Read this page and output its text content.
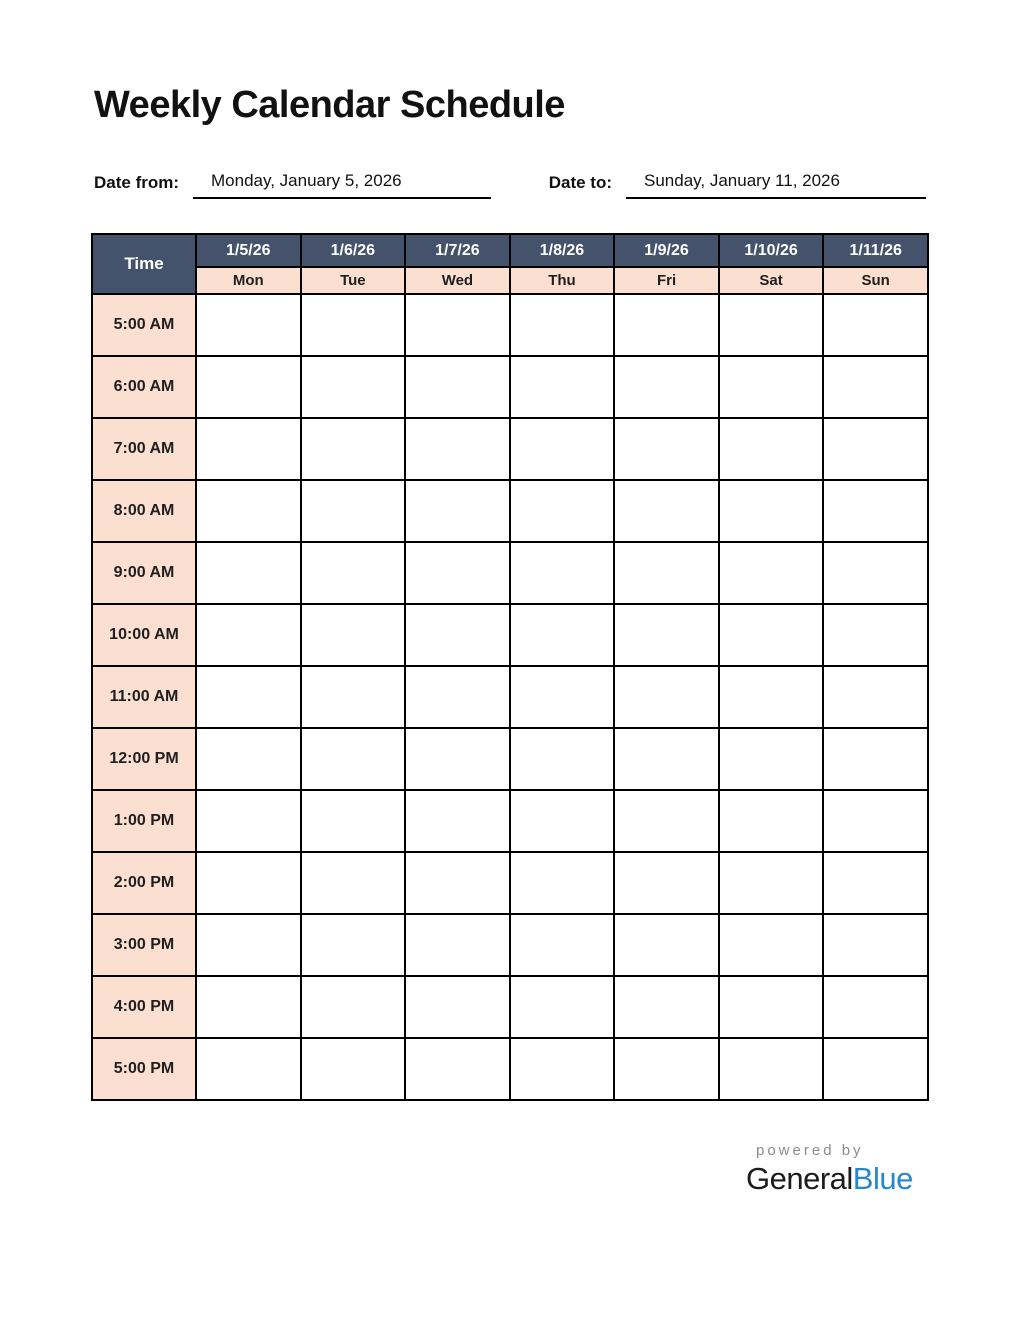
Weekly Calendar Schedule
Date from:	Monday, January 5, 2026	Date to:	Sunday, January 11, 2026
Time	1/5/26	1/6/26	1/7/26	1/8/26	1/9/26	1/10/26	1/11/26
	Mon	Tue	Wed	Thu	Fri	Sat	Sun
5:00 AM							
6:00 AM							
7:00 AM							
8:00 AM							
9:00 AM							
10:00 AM							
11:00 AM							
12:00 PM							
1:00 PM							
2:00 PM							
3:00 PM							
4:00 PM							
5:00 PM							
powered by
GeneralBlue
